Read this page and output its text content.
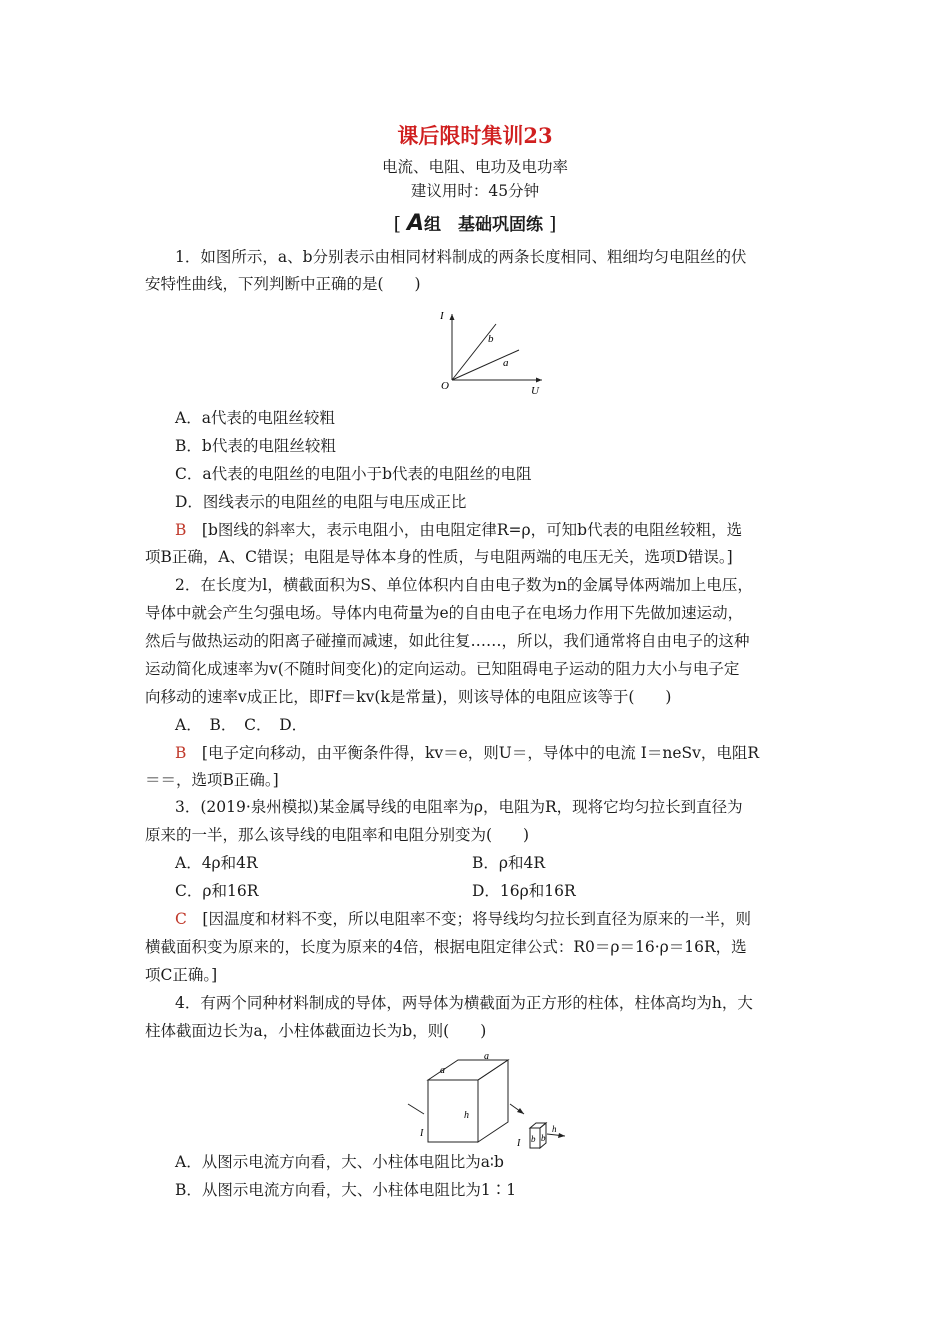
课后限时集训23
电流、电阻、电功及电功率
建议用时：45分钟
[ A组　基础巩固练 ]
1．如图所示，a、b分别表示由相同材料制成的两条长度相同、粗细均匀电阻丝的伏
安特性曲线，下列判断中正确的是(　　)
I
U
O
b
a
A．a代表的电阻丝较粗
B．b代表的电阻丝较粗
C．a代表的电阻丝的电阻小于b代表的电阻丝的电阻
D．图线表示的电阻丝的电阻与电压成正比
B　 [b图线的斜率大，表示电阻小，由电阻定律R=ρ，可知b代表的电阻丝较粗，选
项B正确，A、C错误；电阻是导体本身的性质，与电阻两端的电压无关，选项D错误。]
2．在长度为l，横截面积为S、单位体积内自由电子数为n的金属导体两端加上电压，
导体中就会产生匀强电场。导体内电荷量为e的自由电子在电场力作用下先做加速运动，
然后与做热运动的阳离子碰撞而减速，如此往复……，所以，我们通常将自由电子的这种
运动简化成速率为v(不随时间变化)的定向运动。已知阻碍电子运动的阻力大小与电子定
向移动的速率v成正比，即Ff＝kv(k是常量)，则该导体的电阻应该等于(　　)
A．　B．　C．　D．
B　 [电子定向移动，由平衡条件得，kv＝e，则U＝，导体中的电流 I＝neSv，电阻R
＝＝，选项B正确。]
3．(2019·泉州模拟)某金属导线的电阻率为ρ，电阻为R，现将它均匀拉长到直径为
原来的一半，那么该导线的电阻率和电阻分别变为(　　)
A．4ρ和4R	B．ρ和4R
C．ρ和16R	D．16ρ和16R
C　 [因温度和材料不变，所以电阻率不变；将导线均匀拉长到直径为原来的一半，则
横截面积变为原来的，长度为原来的4倍，根据电阻定律公式：R0＝ρ＝16·ρ＝16R，选
项C正确。]
4．有两个同种材料制成的导体，两导体为横截面为正方形的柱体，柱体高均为h，大
柱体截面边长为a，小柱体截面边长为b，则(　　)
a
a
h
I	b b
h
I
A．从图示电流方向看，大、小柱体电阻比为a∶b
B．从图示电流方向看，大、小柱体电阻比为1∶1
